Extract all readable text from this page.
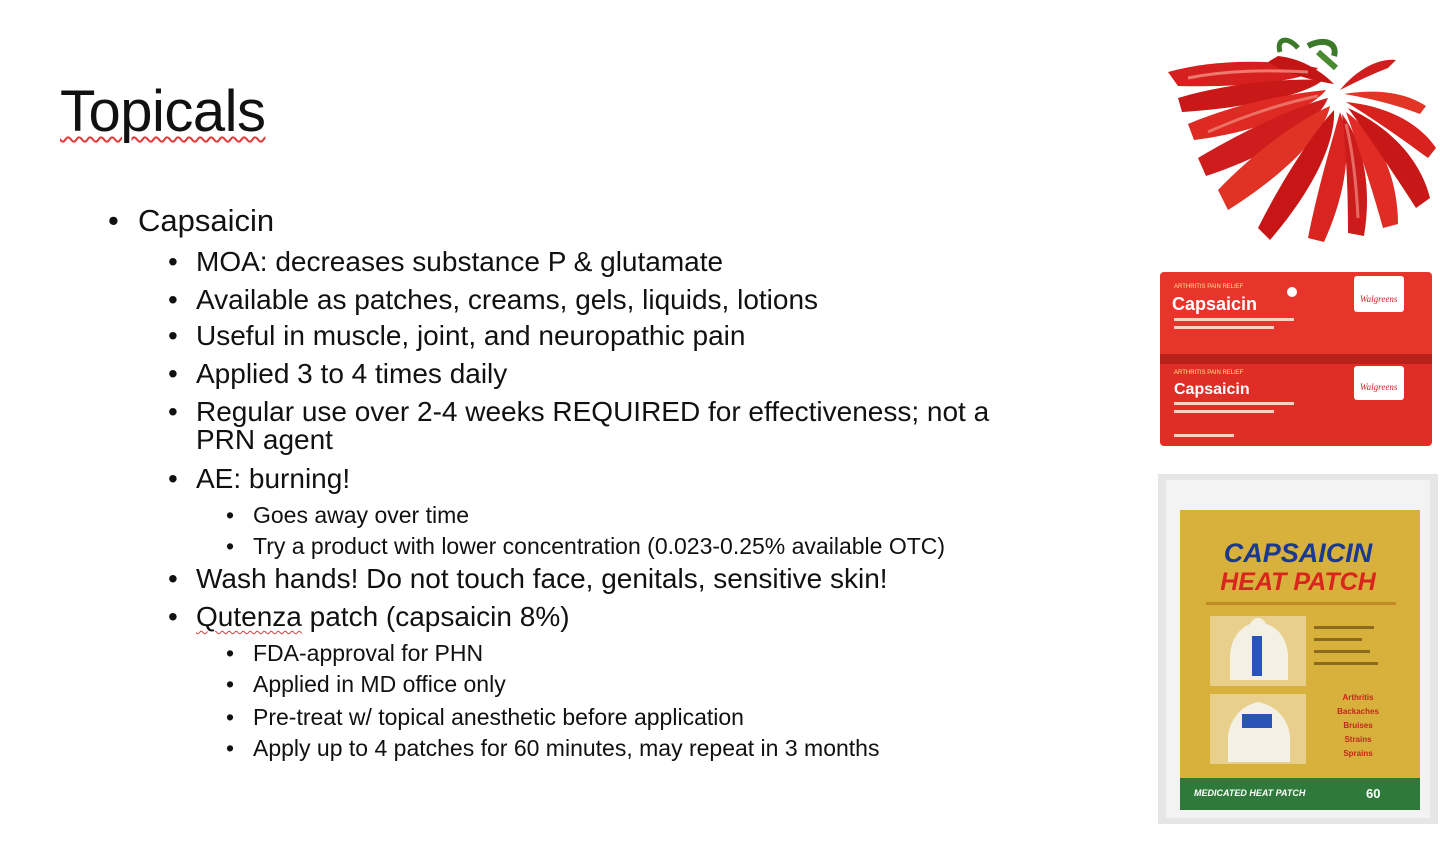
Topicals
• Capsaicin
• MOA: decreases substance P & glutamate
• Available as patches, creams, gels, liquids, lotions
• Useful in muscle, joint, and neuropathic pain
• Applied 3 to 4 times daily
• Regular use over 2-4 weeks REQUIRED for effectiveness; not a
PRN agent
• AE: burning!
• Goes away over time
• Try a product with lower concentration (0.023-0.25% available OTC)
• Wash hands! Do not touch face, genitals, sensitive skin!
• Qutenza patch (capsaicin 8%)
• FDA-approval for PHN
• Applied in MD office only
• Pre-treat w/ topical anesthetic before application
• Apply up to 4 patches for 60 minutes, may repeat in 3 months
ARTHRITIS PAIN RELIEF
Capsaicin	Walgreens
ARTHRITIS PAIN RELIEF
Capsaicin	Walgreens
CAPSAICIN
HEAT PATCH
Arthritis
Backaches
Bruises
Strains
Sprains
MEDICATED HEAT PATCH	60
